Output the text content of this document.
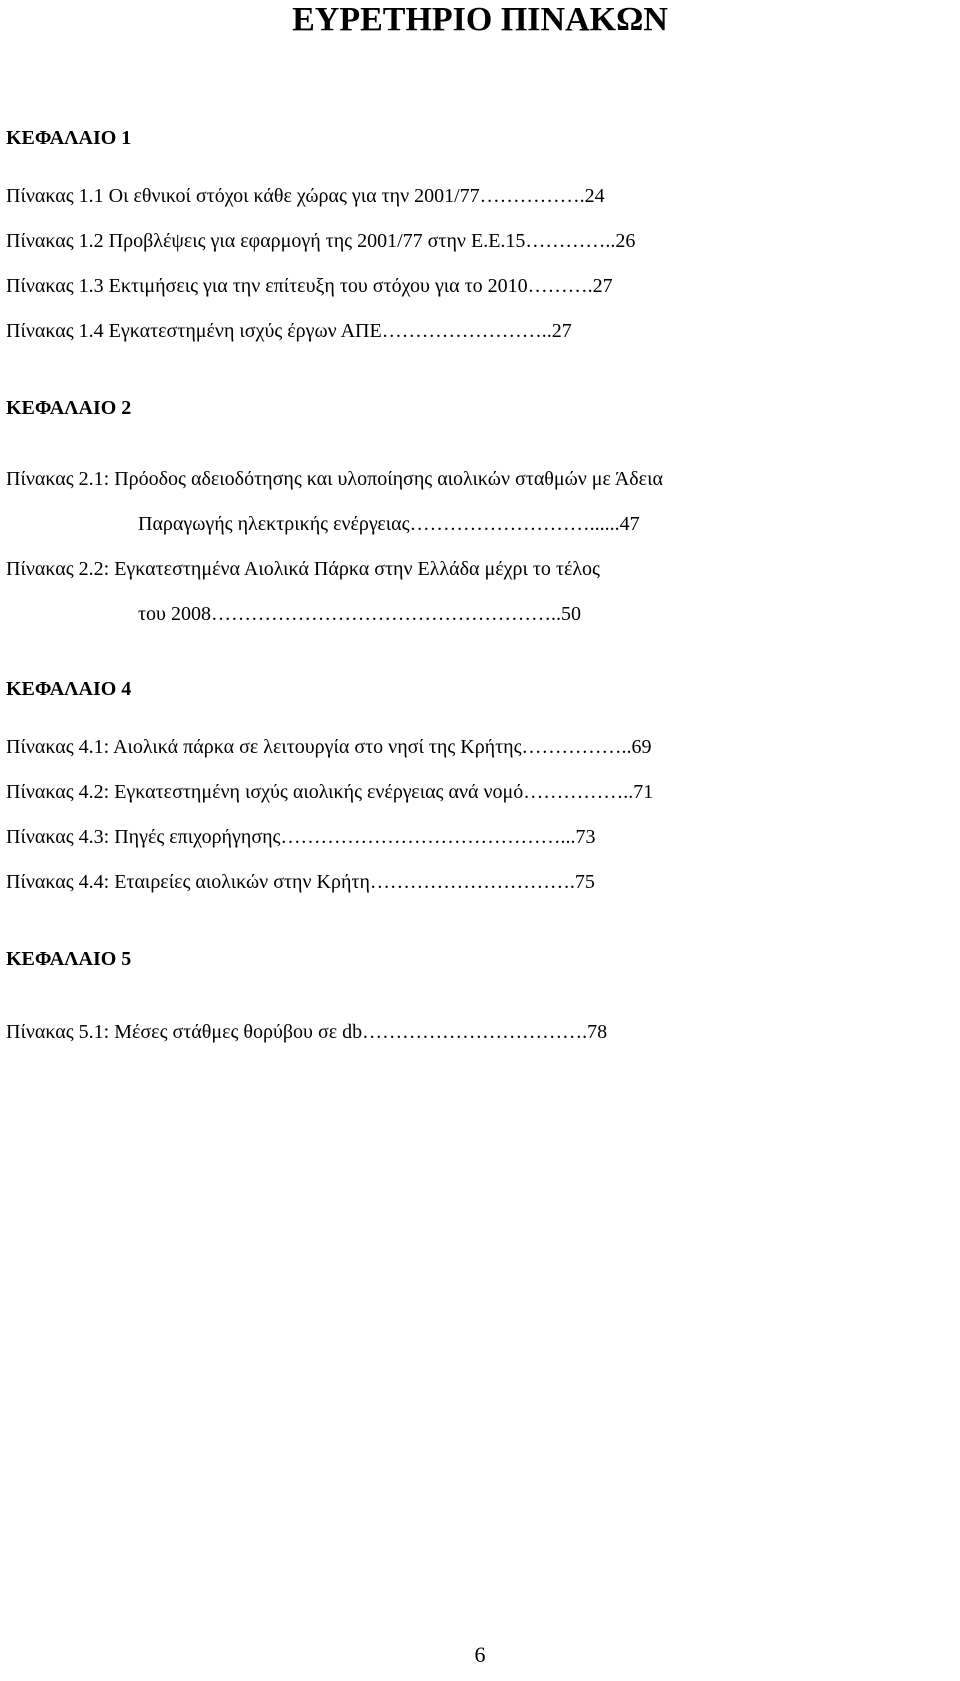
ΕΥΡΕΤΗΡΙΟ ΠΙΝΑΚΩΝ
ΚΕΦΑΛΑΙΟ 1
Πίνακας 1.1 Οι εθνικοί στόχοι κάθε χώρας για την 2001/77…………….24
Πίνακας 1.2 Προβλέψεις για εφαρμογή της 2001/77 στην Ε.Ε.15…………..26
Πίνακας 1.3 Εκτιμήσεις για την επίτευξη του στόχου για το 2010……….27
Πίνακας 1.4 Εγκατεστημένη ισχύς έργων ΑΠΕ……………………..27
ΚΕΦΑΛΑΙΟ 2
Πίνακας 2.1: Πρόοδος αδειοδότησης και υλοποίησης αιολικών σταθμών με Άδεια
Παραγωγής ηλεκτρικής ενέργειας………………………......47
Πίνακας 2.2: Εγκατεστημένα Αιολικά Πάρκα στην Ελλάδα μέχρι το τέλος
του 2008……………………………………………..50
ΚΕΦΑΛΑΙΟ 4
Πίνακας 4.1: Αιολικά πάρκα σε λειτουργία στο νησί της Κρήτης……………..69
Πίνακας 4.2: Εγκατεστημένη ισχύς αιολικής ενέργειας ανά νομό……………..71
Πίνακας 4.3: Πηγές επιχορήγησης……………………………………...73
Πίνακας 4.4: Εταιρείες αιολικών στην Κρήτη………………………….75
ΚΕΦΑΛΑΙΟ 5
Πίνακας 5.1: Μέσες στάθμες θορύβου σε db…………………………….78
6
